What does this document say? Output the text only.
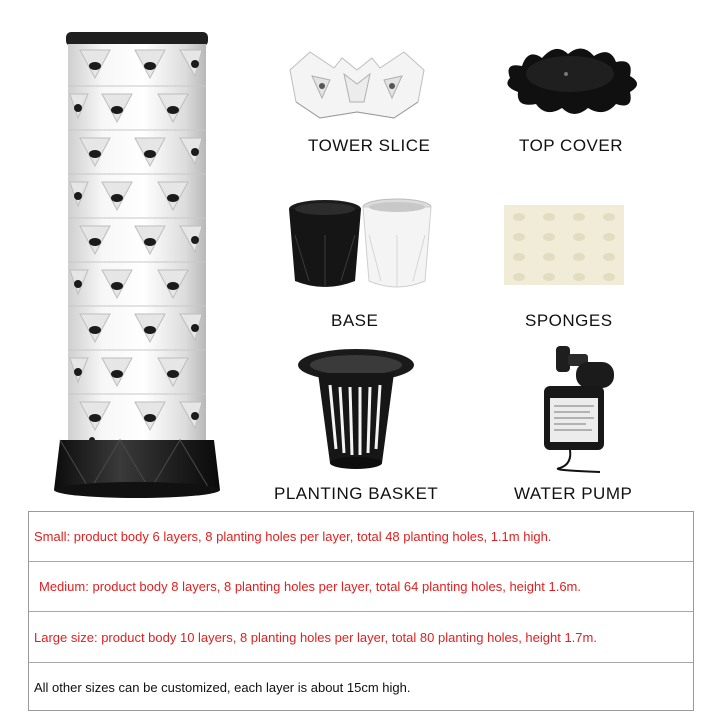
TOWER SLICE	TOP COVER
BASE	SPONGES
PLANTING BASKET	WATER PUMP
Small: product body 6 layers, 8 planting holes per layer, total 48 planting holes, 1.1m high.
Medium: product body 8 layers, 8 planting holes per layer, total 64 planting holes, height 1.6m.
Large size: product body 10 layers, 8 planting holes per layer, total 80 planting holes, height 1.7m.
All other sizes can be customized, each layer is about 15cm high.
